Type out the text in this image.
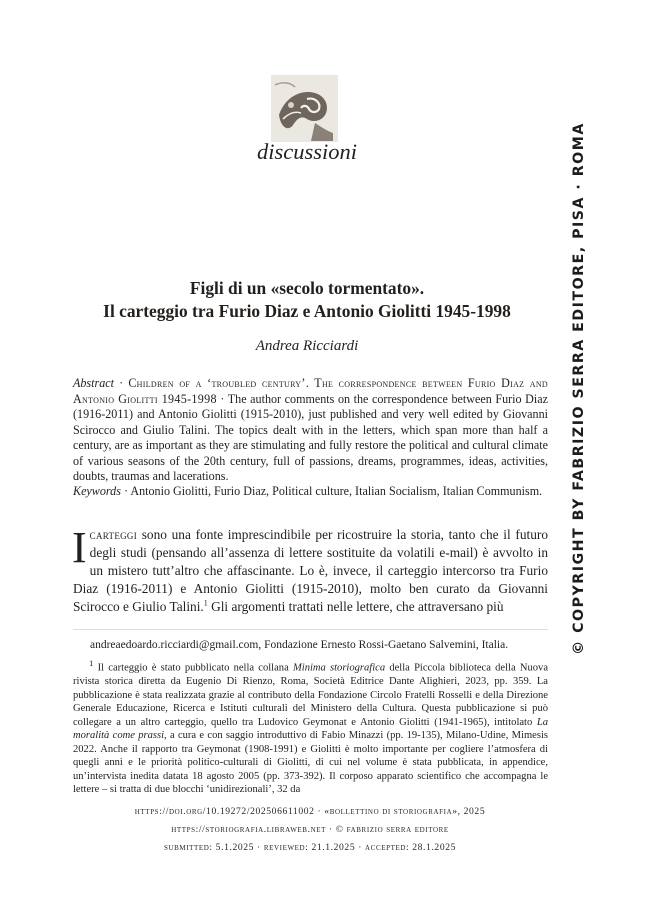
discussioni	© COPYRIGHT BY FABRIZIO SERRA EDITORE, PISA · ROMA
Figli di un «secolo tormentato».
Il carteggio tra Furio Diaz e Antonio Giolitti 1945-1998
Andrea Ricciardi
Abstract · Children of a ‘troubled century’. The correspondence between Furio Diaz and Antonio Giolitti 1945-1998 · The author comments on the correspondence between Furio Diaz (1916-2011) and Antonio Giolitti (1915-2010), just published and very well edited by Giovanni Scirocco and Giulio Talini. The topics dealt with in the letters, which span more than half a century, are as important as they are stimulating and fully restore the political and cultural climate of various seasons of the 20th century, full of passions, dreams, programmes, ideas, activities, doubts, traumas and lacerations.
Keywords · Antonio Giolitti, Furio Diaz, Political culture, Italian Socialism, Italian Communism.
Icarteggi sono una fonte imprescindibile per ricostruire la storia, tanto che il futuro degli studi (pensando all’assenza di lettere sostituite da volatili e-mail) è avvolto in un mistero tutt’altro che affascinante. Lo è, invece, il carteggio intercorso tra Furio Diaz (1916-2011) e Antonio Giolitti (1915-2010), molto ben curato da Giovanni Scirocco e Giulio Talini.$^1$ Gli argomenti trattati nelle lettere, che attraversano più
andreaedoardo.ricciardi@gmail.com, Fondazione Ernesto Rossi-Gaetano Salvemini, Italia.
$^1$ Il carteggio è stato pubblicato nella collana Minima storiografica della Piccola biblioteca della Nuova rivista storica diretta da Eugenio Di Rienzo, Roma, Società Editrice Dante Alighieri, 2023, pp. 359. La pubblicazione è stata realizzata grazie al contributo della Fondazione Circolo Fratelli Rosselli e della Direzione Generale Educazione, Ricerca e Istituti culturali del Ministero della Cultura. Questa pubblicazione si può collegare a un altro carteggio, quello tra Ludovico Geymonat e Antonio Giolitti (1941-1965), intitolato La moralità come prassi, a cura e con saggio introduttivo di Fabio Minazzi (pp. 19-135), Milano-Udine, Mimesis 2022. Anche il rapporto tra Geymonat (1908-1991) e Giolitti è molto importante per cogliere l’atmosfera di quegli anni e le priorità politico-culturali di Giolitti, di cui nel volume è stata pubblicata, in appendice, un’intervista inedita datata 18 agosto 2005 (pp. 373-392). Il corposo apparato scientifico che accompagna le lettere – si tratta di due blocchi ‘unidirezionali’, 32 da
https://doi.org/10.19272/202506611002 · «bollettino di storiografia», 2025
https://storiografia.libraweb.net · © fabrizio serra editore
submitted: 5.1.2025 · reviewed: 21.1.2025 · accepted: 28.1.2025
